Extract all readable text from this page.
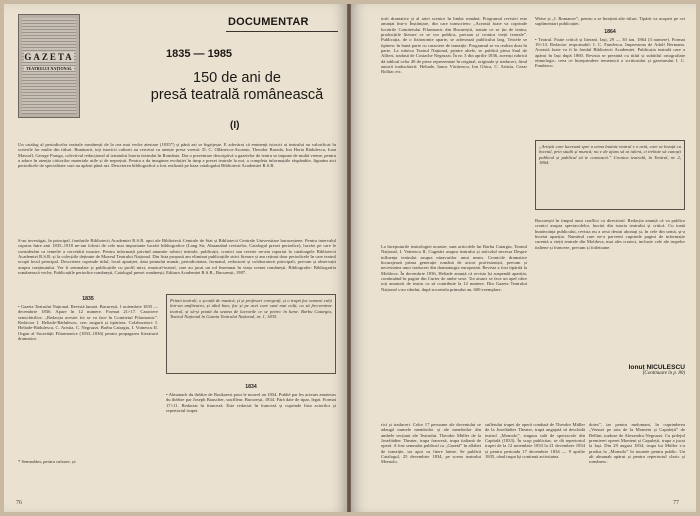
GAZETA
TEATRULUI NAȚIONAL
DOCUMENTAR
1835 — 1985
150 de ani de
presă teatrală românească
(I)
Un catalog al periodicelor teatrale românești de la cea mai veche atestare (1835*) și până azi se îngrijește. E adevărat că eminenți istorici ai teatrului au valorificat în scrierile lor multe din titluri. Bunăoară, toți istoricii culturii au cercetat cu atenție presa vremii: D. C. Ollănescu-Ascanio, Theodor Burada, Ion Horia Rădulescu, Ioan Massoff, George Franga, colectivul redacțional al tratatului Istoria teatrului în România. Dar o prezentare descriptivă a gazetelor de teatru se impune de multă vreme, pentru a aduce în atenția cititorilor materiale utile și de neprețuit. Pentru a da imaginea evoluției în timp a presei teatrale la noi, a completa informațiile răspândite, figurăm aici periodicele de specialitate care au apărut până azi. Descrierea bibliografică a fost realizată pe baza catalogului Bibliotecii Academiei R.S.R.
S-au investigat, în principal, fondurile Bibliotecii Academiei R.S.R. apoi ale Bibliotecii Centrale de Stat și Bibliotecii Centrale Universitare bucureștene. Pentru intervalul cuprins între anii 1835–1918 ne-am folosit de cele mai importante lucrări bibliografice (Lang Sir, Almanahul revistelor, Catalogul presei periodice), lucrări pe care le considerăm ca temelie a cercetării noastre. Pentru informații privind anumite rubrici teatrale, publicații, cronici sau reviste ne-am raportat la cataloagele Bibliotecii Academiei R.S.R. și la colecțiile deținute de Muzeul Teatrului Național. Din lista propusă am eliminat publicațiile strict literare și am reținut doar periodicele în care teatrul ocupă locul principal. Descrierea cuprinde titlul, locul apariției, data primului număr, periodicitatea, formatul, redactorii și colaboratorii principali, precum și observații asupra conținutului. Vor fi semnalate și publicațiile cu profil mixt, muzical-teatral, care au jucat un rol însemnat în viața scenei românești. Bibliografie: Bibliografia românească veche, Publicațiile periodice românești, Catalogul presei românești, Editura Academiei R.S.R., București, 1987.
1835
• Gazeta Teatrului Național. Revistă lunară. București, 1 noiembrie 1835 — decembrie 1836. Apare în 12 numere. Format 21×17. Caractere semichirilice. „Redacția acestei foi se va face în Comitetul Filarmonic”. Redactor I. Heliade-Rădulescu, cerc asigură și tipărirea. Colaboratori: I. Heliade-Rădulescu, C. Aristia, C. Negruzzi, Barbu Catargiu, I. Voinescu II. Organ al Societății Filarmonice (1833–1836) pentru propagarea literaturii dramatice.
Primii teatrali, o școală de muzică, și și profesori coregrafi, și o trupă fac oameni culți într-un amfiteatru, și altul bun; fac și pe acei care sunt mai culți, ca să frecventeze teatrul, și să-și poată da seama de lucrurile ce se petrec în lume. Barbu Catargiu, Teatrul Național în Gazeta Teatrului Național, nr. 1, 1835.
* Semnalăm, pentru culoare, și:
1834
• Almanach du théâtre de Boukarest pour le nouvel an 1834. Publié par les acteurs amateurs du théâtre par Joseph Bauscher, souffleur. București, 1834. Fără date de tipar, legat. Format 17×11. Redactat în franceză. Este redactat în franceză și cuprinde lista actorilor și repertoriul trupei.
76
torii dramatice și al artei scenice în limba română. Programul revistei este anunțat într-o Înștiințare, din care transcriem: „Această foaie va coprinde lucrările Comitetului Filarmonic din Bucureștii, tratate ce se țin de teatru, producțiile literare ce se vor publica, precum și cronica vieții teatrale”. Publicația, de o fizionomie aparte, se adresează publicului larg. Textele se tipăresc în bună parte cu caractere de tranziție. Programul se va realiza doar în parte. La rubrica Teatrul Național, printre altele, se publică piesa Saul de Alfieri, tradusă de Costache Negruzzi. În nr. 3 din aprilie 1836, aceeași rubrică dă tabloul celor 40 de piese reprezentate în original, originale și traduceri, fiind autorii traducătorii: Heliade, Iancu Văcărescu, Ion Ghica, C. Aristia, Cezar Bolliac etc.
La începuturile teatrologiei noastre, sunt articolele lui Barbu Catargiu, Teatrul Național, I. Voinescu II, Cugetări asupra teatrului și articolul necesar Despre influența teatrului asupra năravurilor unui neam. Cronicile dramatice încurajează prima generație română de actori profesioniști, precum și necesitatea unor traduceri din dramaturgia europeană. Revista a fost tipărită la Moldova. În decembrie 1836, Heliade anunță că revista își suspendă apariția, continuând în pagini din Curier de ambe sexe. Tot atunci se face un apel către toți amatorii de teatru ca să contribuie la 12 numere. Din Gazeta Teatrului Național s-au vândut, după socoteala primului an, 600 exemplare.
Weise și „I. Romanov”, pentru a se înrețină alte titluri. Tipărit va acoperi pe cei suplimentari publicației.
1864
• Teatrul. Foaie critică și literară. Iași, 29 — 30 ian. 1864 (3 numere). Format 19×14. Redactor responsabil: I. C. Fundescu. Impresiona de Adolf Bermann. Această foaie va fi în fondul Bibliotecii Academiei. Publicația teatrală care a apărut în Iași după 1860. Revista se prezintă cu titlul și subtitlul ortografiate etimologic, ceea ce întreprindere temeinică a scriitorului și gazetarului I. C. Fundescu.
„Artiștii care lucrează spre a urma înainte teatrul e o artă, care se învață cu încetul, prin studii și muncă; nu e de ajuns să ai talent, ci trebuie să cunoști publicul și publicul să te cunoască.” Cronica teatrală, în Teatrul, nr. 2, 1864.
Bucureștii în timpul unui conflict cu directorul. Redacția anunță că va publica cronici asupra spectacolelor, lucrări din istoria teatrului și critică. Cu toată bunăvoința publicului, revista nu a avut destui abonați și, în cele din urmă, și-a încetat apariția. Numărul care ne-a parvenit cuprinde pagini de informație curentă a vieții teatrale din Moldova, mai ales cronici, inclusiv cele ale trupelor italiene și franceze, precum și foiletoane.
Ionuț NICULESCU
(Continuare în p. 80)
rici și traduceri. Celor 17 persoane ale deceniului se adaugă numele membrilor și ale membrilor din ambele secțiuni ale Teatrului. Theodor Müller de la Joseftädter Theater, trupa francesă, trupa italiană de operă. A fost semnalat publicul ca „Gazetă” în alfabet de tranziție, iar apoi cu litere latine. Se publică Catalogul, 25 decembrie 1834, pe scena teatrului Momolo.
sufletului trupei de operă condusă de Theodor Müller de la Joseftädter Theater, trupă angajată să deschidă teatrul „Momolo”, singura sală de spectacole din Capitală (1833). În scop publicitar, se dă repertoriul trupei de la 12 noiembrie 1833 la 21 decembrie 1834 și pentru perioada 17 decembrie 1834 — 9 aprilie 1835, când trupa își continuă activitatea.
dotes”, iar pentru melomani, în cuprinderea „Versuri pe aria de la Monteni și Capuleții” de Bellini, traduse de Alexandru Negruzzi. Cu prilejul premierei operei Monteni și Capuleții, trupa a jucat la Iași. Din 29 august 1834, trupa lui Müller s-a produs la „Momolo” în tournée pentru public. Un alt almanah apărut și pentru repertoriul clasic și românesc.
77
